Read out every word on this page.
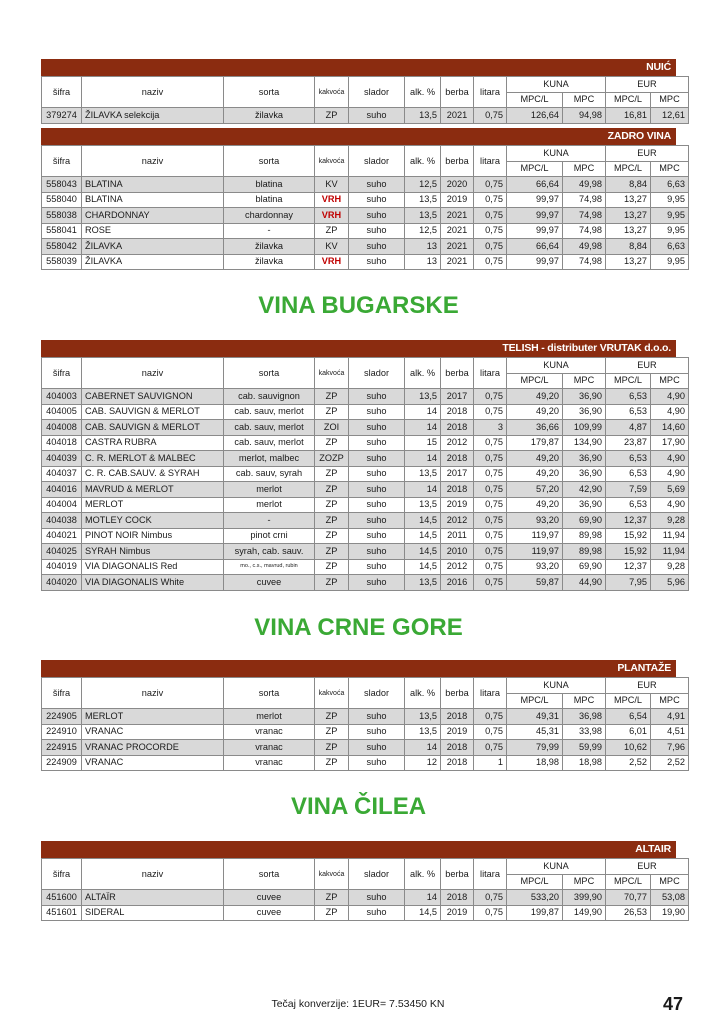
NUIĆ
šifra	naziv	sorta	kakvoća	slador	alk. %	berba	litara	KUNA		EUR	
								MPC/L	MPC	MPC/L	MPC
379274	ŽILAVKA selekcija	žilavka	ZP	suho	13,5	2021	0,75	126,64	94,98	16,81	12,61
ZADRO VINA
šifra	naziv	sorta	kakvoća	slador	alk. %	berba	litara	KUNA		EUR	
								MPC/L	MPC	MPC/L	MPC
558043	BLATINA	blatina	KV	suho	12,5	2020	0,75	66,64	49,98	8,84	6,63
558040	BLATINA	blatina	VRH	suho	13,5	2019	0,75	99,97	74,98	13,27	9,95
558038	CHARDONNAY	chardonnay	VRH	suho	13,5	2021	0,75	99,97	74,98	13,27	9,95
558041	ROSE	-	ZP	suho	12,5	2021	0,75	99,97	74,98	13,27	9,95
558042	ŽILAVKA	žilavka	KV	suho	13	2021	0,75	66,64	49,98	8,84	6,63
558039	ŽILAVKA	žilavka	VRH	suho	13	2021	0,75	99,97	74,98	13,27	9,95
VINA BUGARSKE
TELISH - distributer VRUTAK d.o.o.
šifra	naziv	sorta	kakvoća	slador	alk. %	berba	litara	KUNA		EUR	
								MPC/L	MPC	MPC/L	MPC
404003	CABERNET SAUVIGNON	cab. sauvignon	ZP	suho	13,5	2017	0,75	49,20	36,90	6,53	4,90
404005	CAB. SAUVIGN & MERLOT	cab. sauv, merlot	ZP	suho	14	2018	0,75	49,20	36,90	6,53	4,90
404008	CAB. SAUVIGN & MERLOT	cab. sauv, merlot	ZOI	suho	14	2018	3	36,66	109,99	4,87	14,60
404018	CASTRA RUBRA	cab. sauv, merlot	ZP	suho	15	2012	0,75	179,87	134,90	23,87	17,90
404039	C. R. MERLOT & MALBEC	merlot, malbec	ZOZP	suho	14	2018	0,75	49,20	36,90	6,53	4,90
404037	C. R. CAB.SAUV. & SYRAH	cab. sauv, syrah	ZP	suho	13,5	2017	0,75	49,20	36,90	6,53	4,90
404016	MAVRUD & MERLOT	merlot	ZP	suho	14	2018	0,75	57,20	42,90	7,59	5,69
404004	MERLOT	merlot	ZP	suho	13,5	2019	0,75	49,20	36,90	6,53	4,90
404038	MOTLEY COCK	-	ZP	suho	14,5	2012	0,75	93,20	69,90	12,37	9,28
404021	PINOT NOIR Nimbus	pinot crni	ZP	suho	14,5	2011	0,75	119,97	89,98	15,92	11,94
404025	SYRAH Nimbus	syrah, cab. sauv.	ZP	suho	14,5	2010	0,75	119,97	89,98	15,92	11,94
404019	VIA DIAGONALIS Red	mo., c.s., mavrud, rubin	ZP	suho	14,5	2012	0,75	93,20	69,90	12,37	9,28
404020	VIA DIAGONALIS White	cuvee	ZP	suho	13,5	2016	0,75	59,87	44,90	7,95	5,96
VINA CRNE GORE
PLANTAŽE
šifra	naziv	sorta	kakvoća	slador	alk. %	berba	litara	KUNA		EUR	
								MPC/L	MPC	MPC/L	MPC
224905	MERLOT	merlot	ZP	suho	13,5	2018	0,75	49,31	36,98	6,54	4,91
224910	VRANAC	vranac	ZP	suho	13,5	2019	0,75	45,31	33,98	6,01	4,51
224915	VRANAC PROCORDE	vranac	ZP	suho	14	2018	0,75	79,99	59,99	10,62	7,96
224909	VRANAC	vranac	ZP	suho	12	2018	1	18,98	18,98	2,52	2,52
VINA ČILEA
ALTAIR
šifra	naziv	sorta	kakvoća	slador	alk. %	berba	litara	KUNA		EUR	
								MPC/L	MPC	MPC/L	MPC
451600	ALTAÏR	cuvee	ZP	suho	14	2018	0,75	533,20	399,90	70,77	53,08
451601	SIDERAL	cuvee	ZP	suho	14,5	2019	0,75	199,87	149,90	26,53	19,90
Tečaj konverzije: 1EUR= 7.53450 KN	47
